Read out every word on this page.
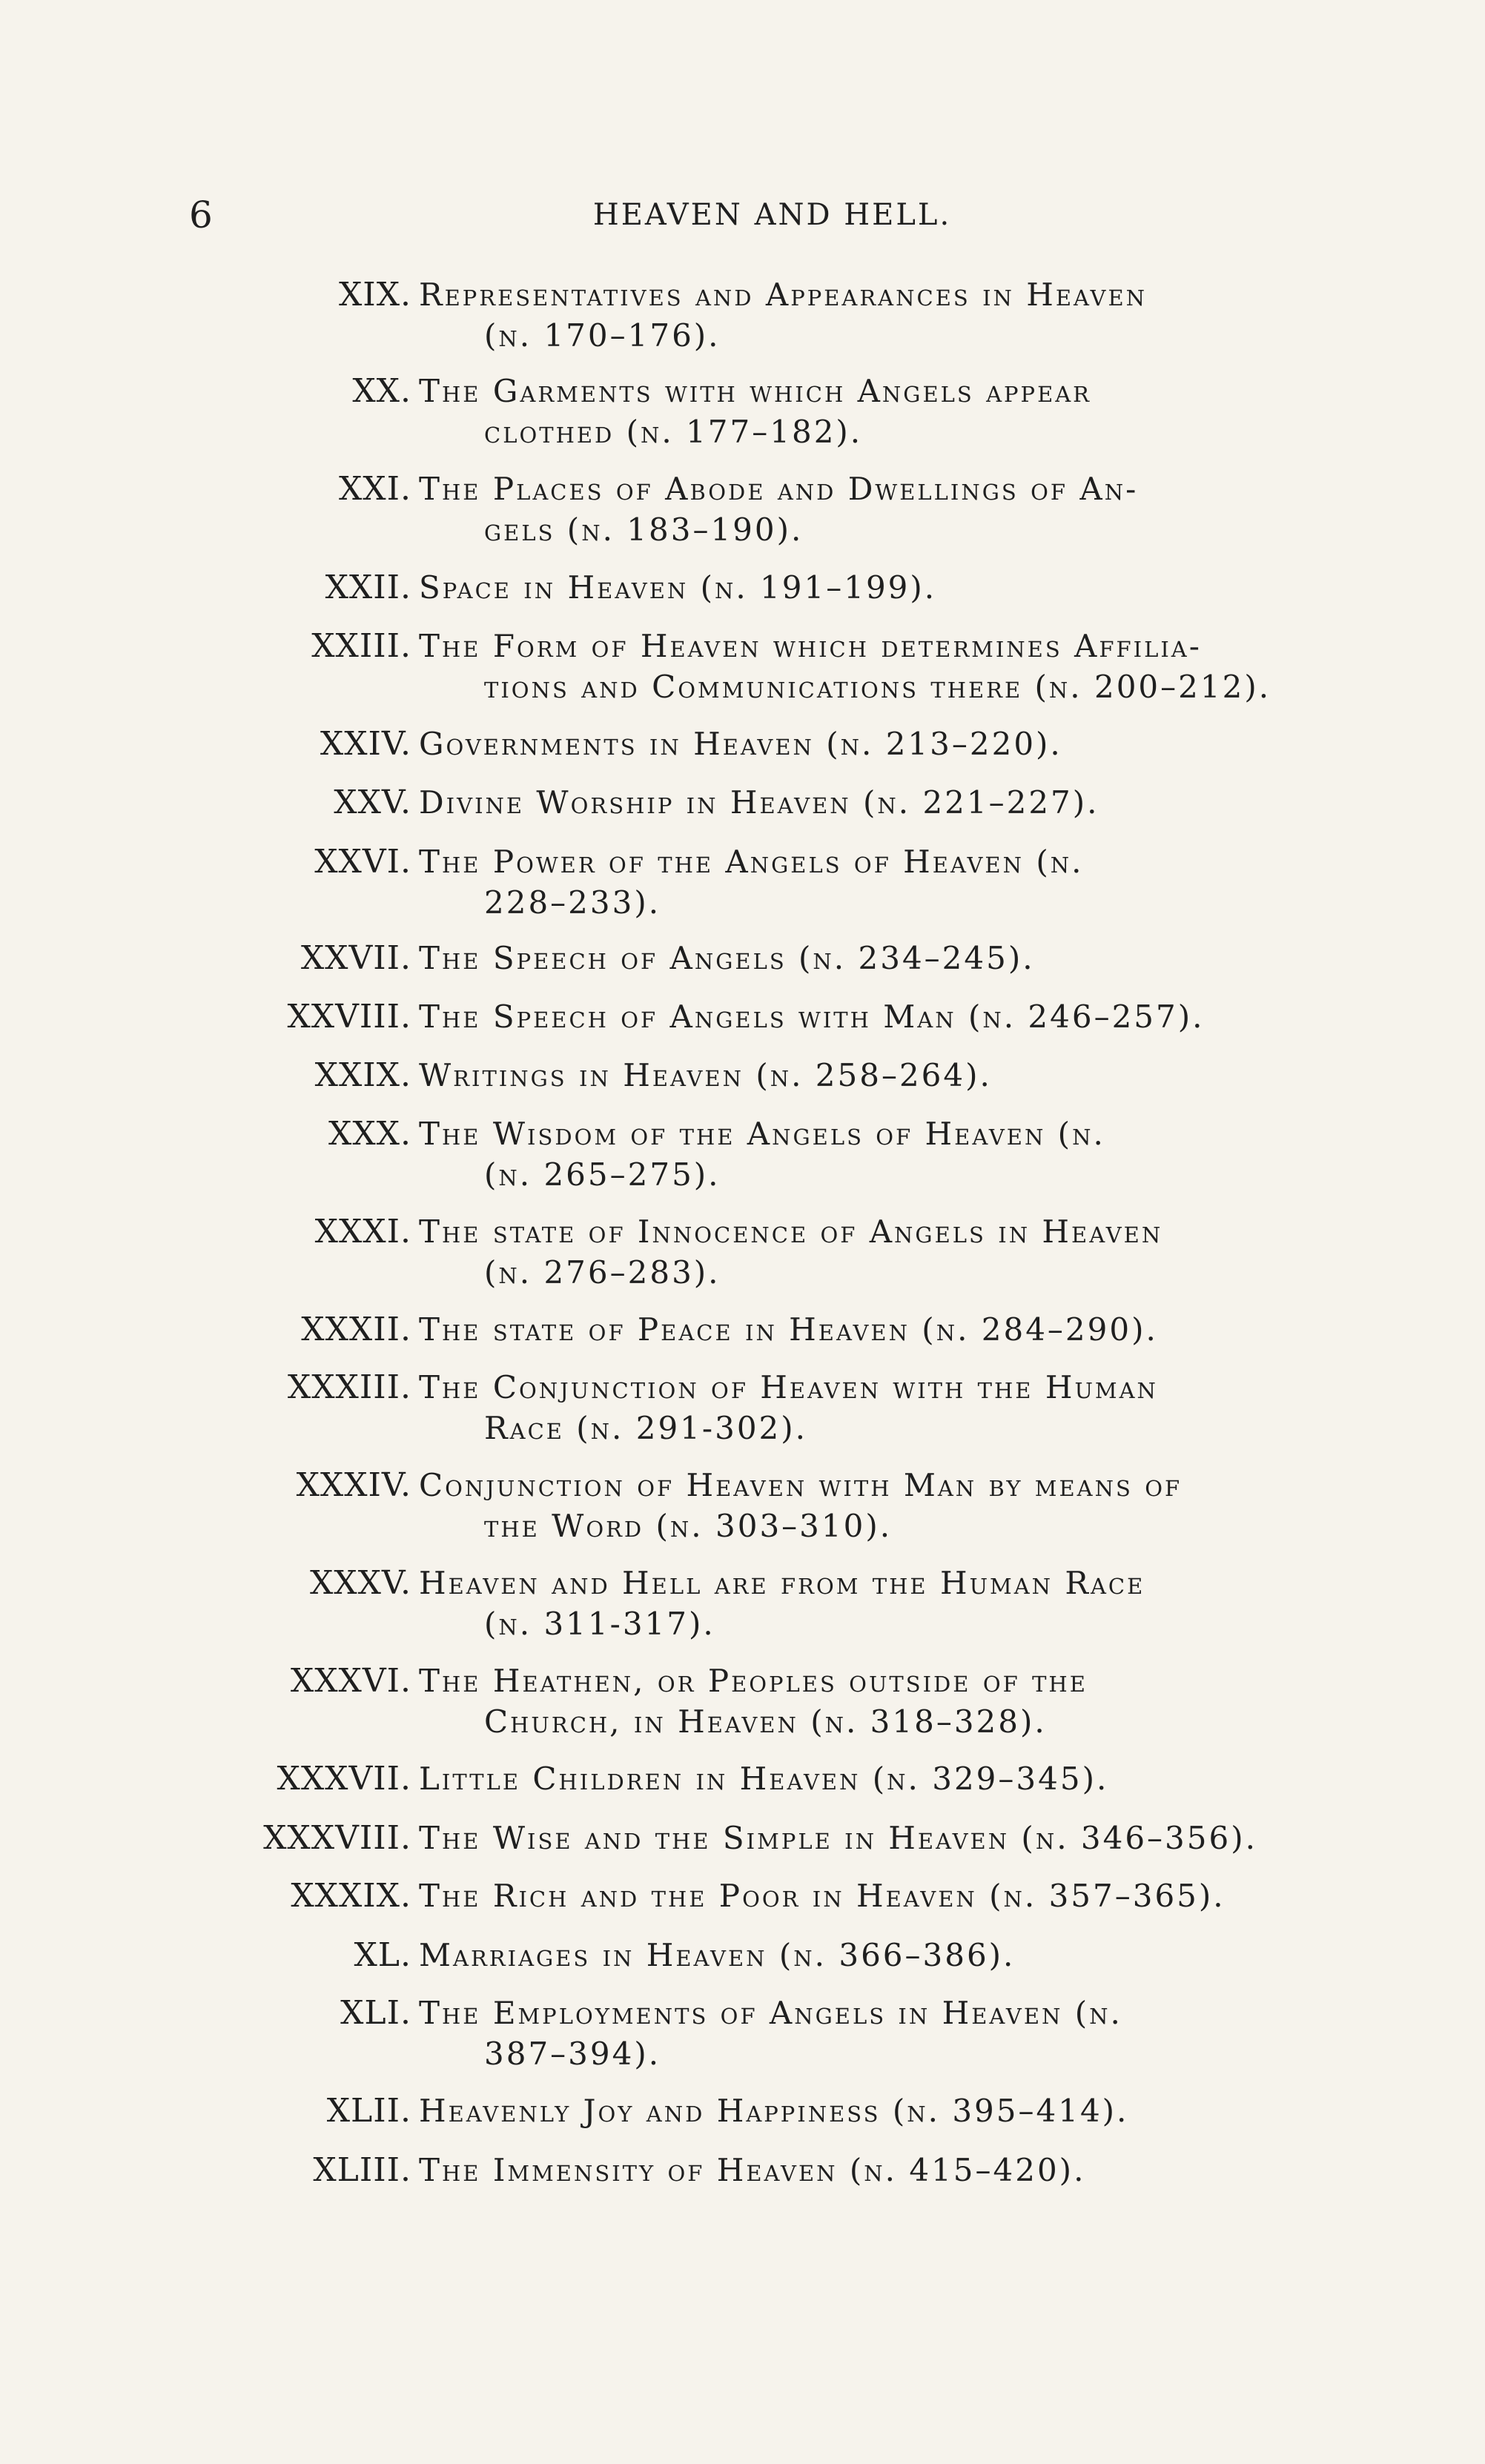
6	HEAVEN AND HELL.
XIX. Representatives and Appearances in Heaven
(n. 170–176).
XX. The Garments with which Angels appear
clothed (n. 177–182).
XXI. The Places of Abode and Dwellings of An-
gels (n. 183–190).
XXII. Space in Heaven (n. 191–199).
XXIII. The Form of Heaven which determines Affilia-
tions and Communications there (n. 200–212).
XXIV. Governments in Heaven (n. 213–220).
XXV. Divine Worship in Heaven (n. 221–227).
XXVI. The Power of the Angels of Heaven (n.
228–233).
XXVII. The Speech of Angels (n. 234–245).
XXVIII. The Speech of Angels with Man (n. 246–257).
XXIX. Writings in Heaven (n. 258–264).
XXX. The Wisdom of the Angels of Heaven (n.
(n. 265–275).
XXXI. The state of Innocence of Angels in Heaven
(n. 276–283).
XXXII. The state of Peace in Heaven (n. 284–290).
XXXIII. The Conjunction of Heaven with the Human
Race (n. 291-302).
XXXIV. Conjunction of Heaven with Man by means of
the Word (n. 303–310).
XXXV. Heaven and Hell are from the Human Race
(n. 311-317).
XXXVI. The Heathen, or Peoples outside of the
Church, in Heaven (n. 318–328).
XXXVII. Little Children in Heaven (n. 329–345).
XXXVIII. The Wise and the Simple in Heaven (n. 346–356).
XXXIX. The Rich and the Poor in Heaven (n. 357–365).
XL. Marriages in Heaven (n. 366–386).
XLI. The Employments of Angels in Heaven (n.
387–394).
XLII. Heavenly Joy and Happiness (n. 395–414).
XLIII. The Immensity of Heaven (n. 415–420).
